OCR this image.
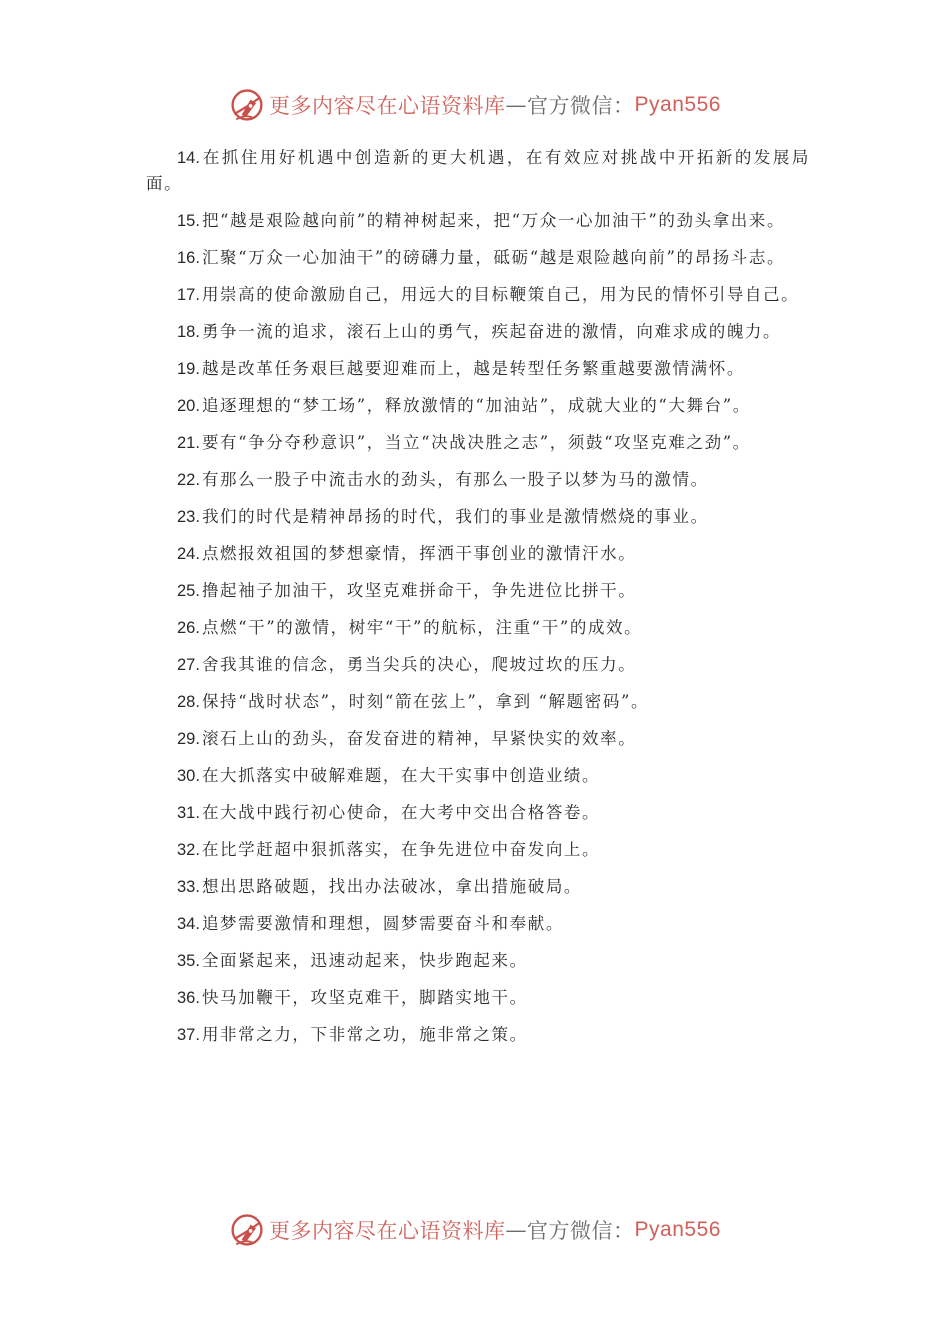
更多内容尽在心语资料库 — 官方微信： Pyan556

14. 在抓住用好机遇中创造新的更大机遇，在有效应对挑战中开拓新的发展局面。

15. 把“越是艰险越向前”的精神树起来，把“万众一心加油干”的劲头拿出来。

16. 汇聚“万众一心加油干”的磅礴力量，砥砺“越是艰险越向前”的昂扬斗志。

17. 用崇高的使命激励自己，用远大的目标鞭策自己，用为民的情怀引导自己。

18. 勇争一流的追求，滚石上山的勇气，疾起奋进的激情，向难求成的魄力。

19. 越是改革任务艰巨越要迎难而上，越是转型任务繁重越要激情满怀。

20. 追逐理想的“梦工场”，释放激情的“加油站”，成就大业的“大舞台”。

21. 要有“争分夺秒意识”，当立“决战决胜之志”，须鼓“攻坚克难之劲”。

22. 有那么一股子中流击水的劲头，有那么一股子以梦为马的激情。

23. 我们的时代是精神昂扬的时代，我们的事业是激情燃烧的事业。

24. 点燃报效祖国的梦想豪情，挥洒干事创业的激情汗水。

25. 撸起袖子加油干，攻坚克难拼命干，争先进位比拼干。

26. 点燃“干”的激情，树牢“干”的航标，注重“干”的成效。

27. 舍我其谁的信念，勇当尖兵的决心，爬坡过坎的压力。

28. 保持“战时状态”，时刻“箭在弦上”，拿到 “解题密码”。

29. 滚石上山的劲头，奋发奋进的精神，早紧快实的效率。

30. 在大抓落实中破解难题，在大干实事中创造业绩。

31. 在大战中践行初心使命，在大考中交出合格答卷。

32. 在比学赶超中狠抓落实，在争先进位中奋发向上。

33. 想出思路破题，找出办法破冰，拿出措施破局。

34. 追梦需要激情和理想，圆梦需要奋斗和奉献。

35. 全面紧起来，迅速动起来，快步跑起来。

36. 快马加鞭干，攻坚克难干，脚踏实地干。

37. 用非常之力，下非常之功，施非常之策。

更多内容尽在心语资料库 — 官方微信： Pyan556
